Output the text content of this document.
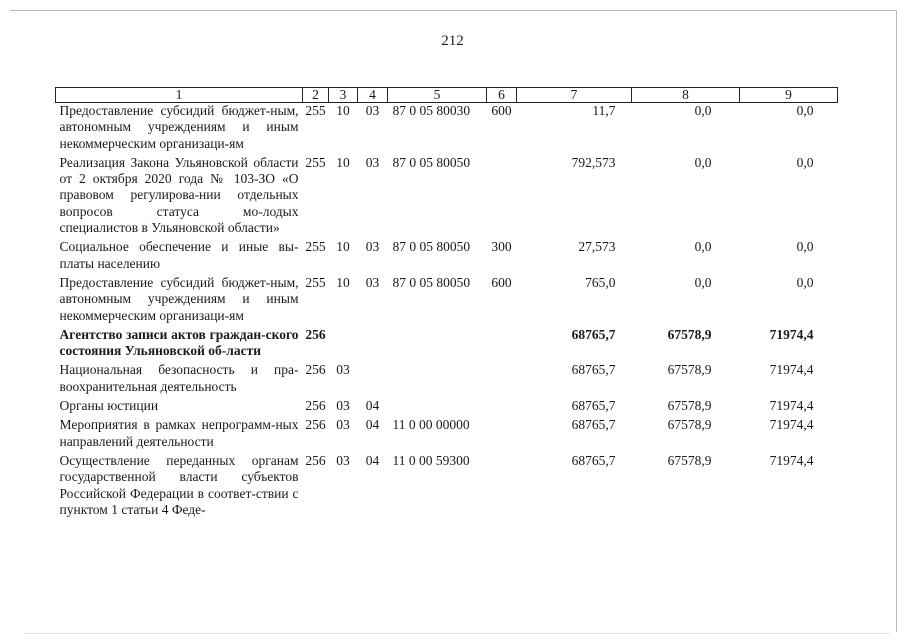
212
1	2	3	4	5	6	7	8	9
Предоставление субсидий бюджет-ным, автономным учреждениям и иным некоммерческим организаци-ям	255	10	03	87 0 05 80030	600	11,7	0,0	0,0
Реализация Закона Ульяновской области от 2 октября 2020 года № 103-ЗО «О правовом регулирова-нии отдельных вопросов статуса мо-лодых специалистов в Ульяновской области»	255	10	03	87 0 05 80050		792,573	0,0	0,0
Социальное обеспечение и иные вы-платы населению	255	10	03	87 0 05 80050	300	27,573	0,0	0,0
Предоставление субсидий бюджет-ным, автономным учреждениям и иным некоммерческим организаци-ям	255	10	03	87 0 05 80050	600	765,0	0,0	0,0
Агентство записи актов граждан-ского состояния Ульяновской об-ласти	256					68765,7	67578,9	71974,4
Национальная безопасность и пра-воохранительная деятельность	256	03				68765,7	67578,9	71974,4
Органы юстиции	256	03	04			68765,7	67578,9	71974,4
Мероприятия в рамках непрограмм-ных направлений деятельности	256	03	04	11 0 00 00000		68765,7	67578,9	71974,4
Осуществление переданных органам государственной власти субъектов Российской Федерации в соответ-ствии с пунктом 1 статьи 4 Феде-	256	03	04	11 0 00 59300		68765,7	67578,9	71974,4
